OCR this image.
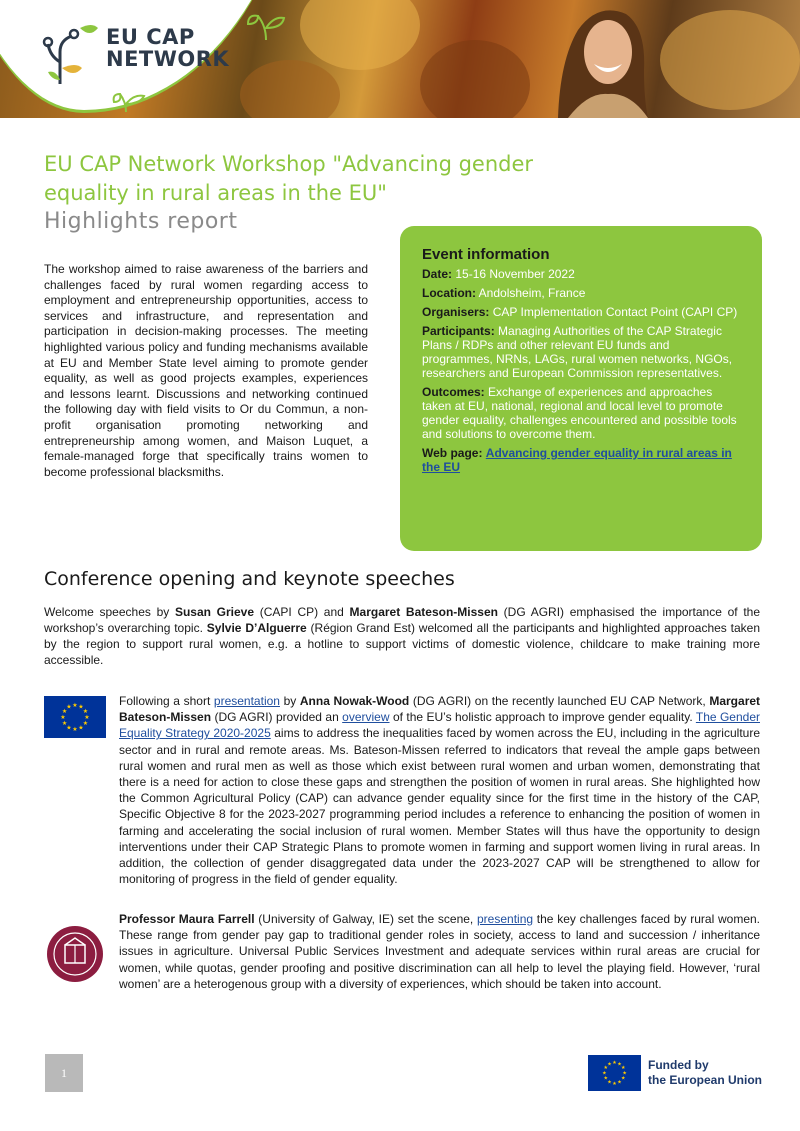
EU CAP
NETWORK
EU CAP Network Workshop "Advancing gender
equality in rural areas in the EU"
Highlights report
The workshop aimed to raise awareness of the barriers and challenges faced by rural women regarding access to employment and entrepreneurship opportunities, access to services and infrastructure, and representation and participation in decision-making processes. The meeting highlighted various policy and funding mechanisms available at EU and Member State level aiming to promote gender equality, as well as good projects examples, experiences and lessons learnt. Discussions and networking continued the following day with field visits to Or du Commun, a non-profit organisation promoting networking and entrepreneurship among women, and Maison Luquet, a female-managed forge that specifically trains women to become professional blacksmiths.
Event information

Date: 15-16 November 2022

Location: Andolsheim, France

Organisers: CAP Implementation Contact Point (CAPI CP)

Participants: Managing Authorities of the CAP Strategic Plans / RDPs and other relevant EU funds and programmes, NRNs, LAGs, rural women networks, NGOs, researchers and European Commission representatives.

Outcomes: Exchange of experiences and approaches taken at EU, national, regional and local level to promote gender equality, challenges encountered and possible tools and solutions to overcome them.

Web page: Advancing gender equality in rural areas in the EU

Conference opening and keynote speeches
Welcome speeches by Susan Grieve (CAPI CP) and Margaret Bateson-Missen (DG AGRI) emphasised the importance of the workshop’s overarching topic. Sylvie D’Alguerre (Région Grand Est) welcomed all the participants and highlighted approaches taken by the region to support rural women, e.g. a hotline to support victims of domestic violence, childcare to make training more accessible.
★ ★
★
★
★
★
★
★
★
★
★
★	Following a short presentation by Anna Nowak-Wood (DG AGRI) on the recently launched EU CAP Network, Margaret Bateson-Missen (DG AGRI) provided an overview of the EU’s holistic approach to improve gender equality. The Gender Equality Strategy 2020-2025 aims to address the inequalities faced by women across the EU, including in the agriculture sector and in rural and remote areas. Ms. Bateson-Missen referred to indicators that reveal the ample gaps between rural women and rural men as well as those which exist between rural women and urban women, demonstrating that there is a need for action to close these gaps and strengthen the position of women in rural areas. She highlighted how the Common Agricultural Policy (CAP) can advance gender equality since for the first time in the history of the CAP, Specific Objective 8 for the 2023-2027 programming period includes a reference to enhancing the position of women in farming and accelerating the social inclusion of rural women. Member States will thus have the opportunity to design interventions under their CAP Strategic Plans to promote women in farming and support women living in rural areas. In addition, the collection of gender disaggregated data under the 2023-2027 CAP will be strengthened to allow for monitoring of progress in the field of gender equality.
Professor Maura Farrell (University of Galway, IE) set the scene, presenting the key challenges faced by rural women. These range from gender pay gap to traditional gender roles in society, access to land and succession / inheritance issues in agriculture. Universal Public Services Investment and adequate services within rural areas are crucial for women, while quotas, gender proofing and positive discrimination can all help to level the playing field. However, ‘rural women’ are a heterogenous group with a diversity of experiences, which should be taken into account.
1
★ ★
★
★
★
★
★
★
★
★
★
★	Funded by
the European Union
